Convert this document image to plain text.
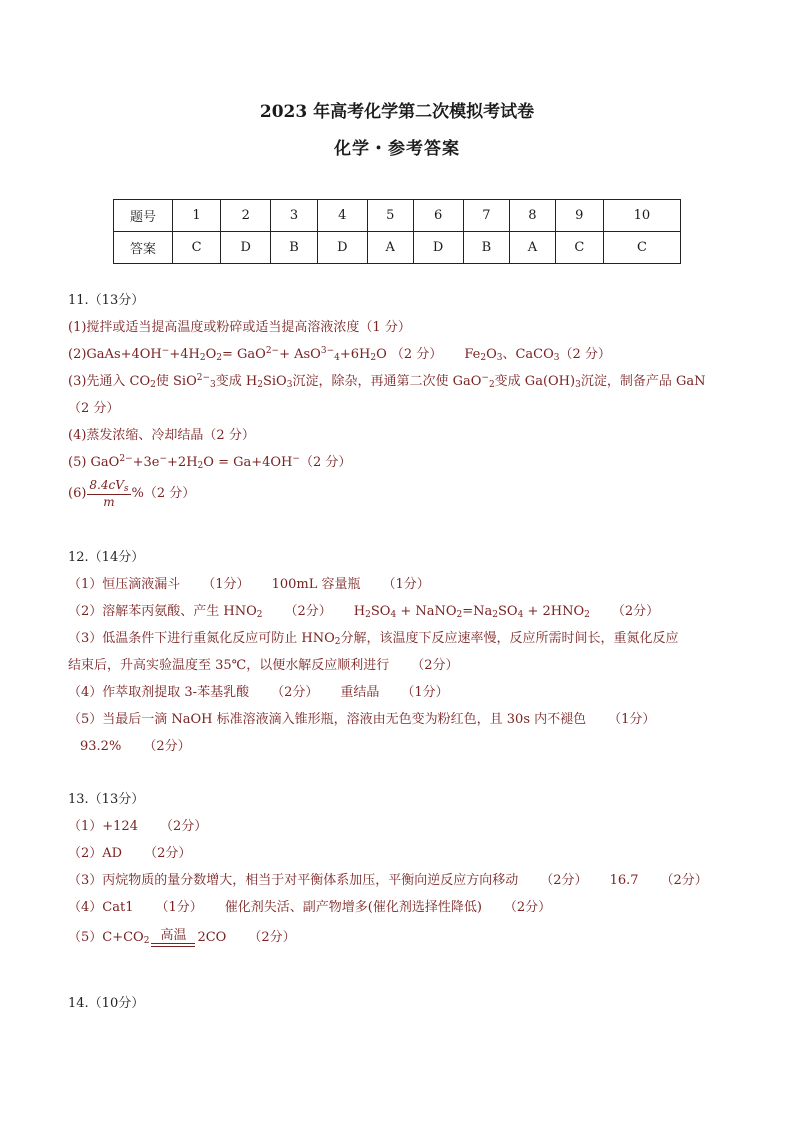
2023 年高考化学第二次模拟考试卷
化学・参考答案
题号	1	2	3	4	5	6	7	8	9	10
答案	C	D	B	D	A	D	B	A	C	C
11.（13分）
(1)搅拌或适当提高温度或粉碎或适当提高溶液浓度（1 分）
$(2)GaAs+4OH^-+4H_2O_2= GaO^{2-}+ AsO^{3-}_4+6H_2O$ （2 分） $Fe_2O_3$、CaCO$_3$（2 分）
(3)先通入 $CO_2$使 SiO$^{2-}_3$变成 $H_2SiO_3$沉淀，除杂，再通第二次使 GaO−$_2$变成 $Ga(OH)_3$沉淀，制备产品 GaN
（2 分）
(4)蒸发浓缩、冷却结晶（2 分）
(5) $GaO^{2-}+3e^-+2H_2O = Ga+4OH^-(2$ 分）
$(6) \frac{8.4cV_s}{m} \%(2$ 分）
12.（14分）
（1）恒压滴液漏斗 （1分） 100mL 容量瓶 （1分）
（2）溶解苯丙氨酸、产生 $HNO_2$ （2分） $H_2SO_4$ + $NaNO_2=Na_2SO_4 + 2HNO_2$ （2分）
（3）低温条件下进行重氮化反应可防止 $HNO_2$分解，该温度下反应速率慢，反应所需时间长，重氮化反应
结束后，升高实验温度至 35℃，以便水解反应顺利进行 （2分）
（4）作萃取剂提取 3-苯基乳酸 （2分） 重结晶 （1分）
（5）当最后一滴 NaOH 标准溶液滴入锥形瓶，溶液由无色变为粉红色，且 30s 内不褪色 （1分）
93.2% （2分）
13.（13分）
（1）+124 （2分）
（2）AD （2分）
（3）丙烷物质的量分数增大，相当于对平衡体系加压，平衡向逆反应方向移动 （2分） 16.7 （2分）
（4）Cat1 （1分） 催化剂失活、副产物增多(催化剂选择性降低) （2分）
$(5)C+CO_2$ 高温 2CO （2分）
14.（10分）
